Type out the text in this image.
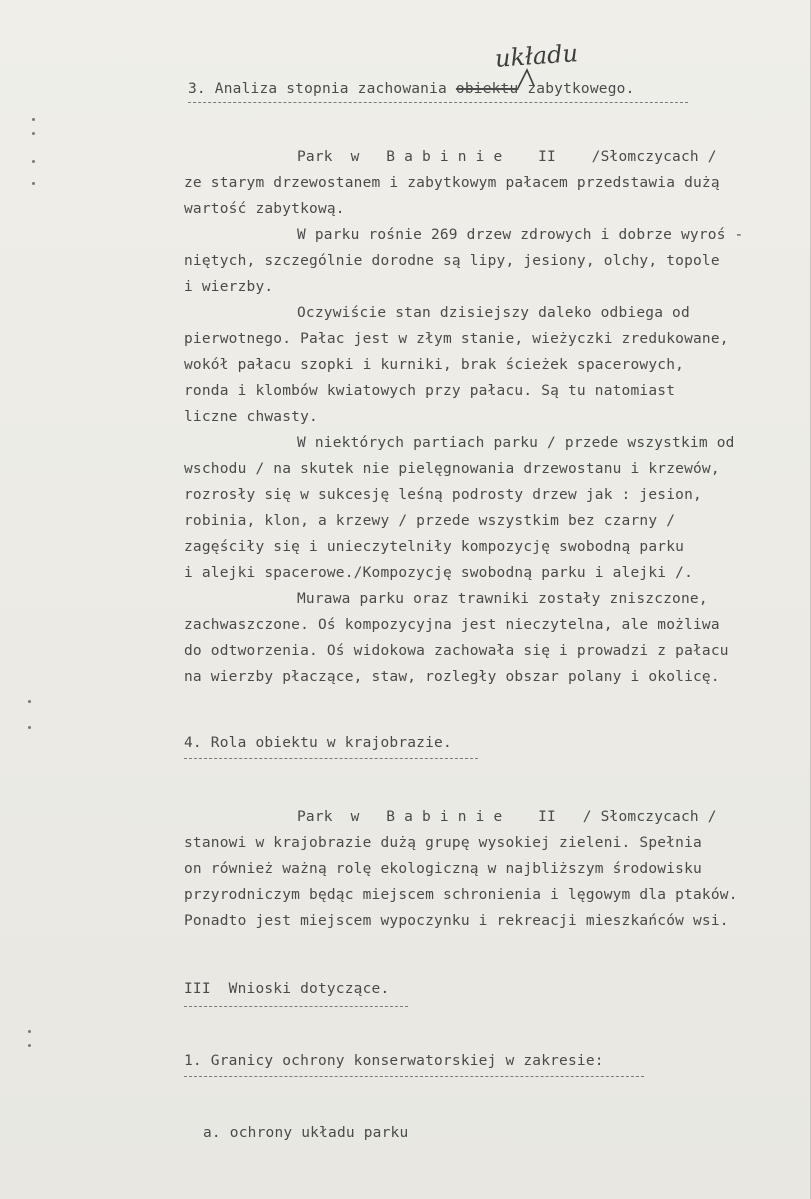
3. Analiza stopnia zachowania obiektu zabytkowego.
układu
Park  w   B a b i n i e    II    /Słomczycach /
ze starym drzewostanem i zabytkowym pałacem przedstawia dużą
wartość zabytkową.
W parku rośnie 269 drzew zdrowych i dobrze wyroś -
niętych, szczególnie dorodne są lipy, jesiony, olchy, topole
i wierzby.
Oczywiście stan dzisiejszy daleko odbiega od
pierwotnego. Pałac jest w złym stanie, wieżyczki zredukowane,
wokół pałacu szopki i kurniki, brak ścieżek spacerowych,
ronda i klombów kwiatowych przy pałacu. Są tu natomiast
liczne chwasty.
W niektórych partiach parku / przede wszystkim od
wschodu / na skutek nie pielęgnowania drzewostanu i krzewów,
rozrosły się w sukcesję leśną podrosty drzew jak : jesion,
robinia, klon, a krzewy / przede wszystkim bez czarny /
zagęściły się i unieczytelniły kompozycję swobodną parku
i alejki spacerowe./Kompozycję swobodną parku i alejki /.
Murawa parku oraz trawniki zostały zniszczone,
zachwaszczone. Oś kompozycyjna jest nieczytelna, ale możliwa
do odtworzenia. Oś widokowa zachowała się i prowadzi z pałacu
na wierzby płaczące, staw, rozległy obszar polany i okolicę.
4. Rola obiektu w krajobrazie.
Park  w   B a b i n i e    II   / Słomczycach /
stanowi w krajobrazie dużą grupę wysokiej zieleni. Spełnia
on również ważną rolę ekologiczną w najbliższym środowisku
przyrodniczym będąc miejscem schronienia i lęgowym dla ptaków.
Ponadto jest miejscem wypoczynku i rekreacji mieszkańców wsi.
III  Wnioski dotyczące.
1. Granicy ochrony konserwatorskiej w zakresie:
a. ochrony układu parku
